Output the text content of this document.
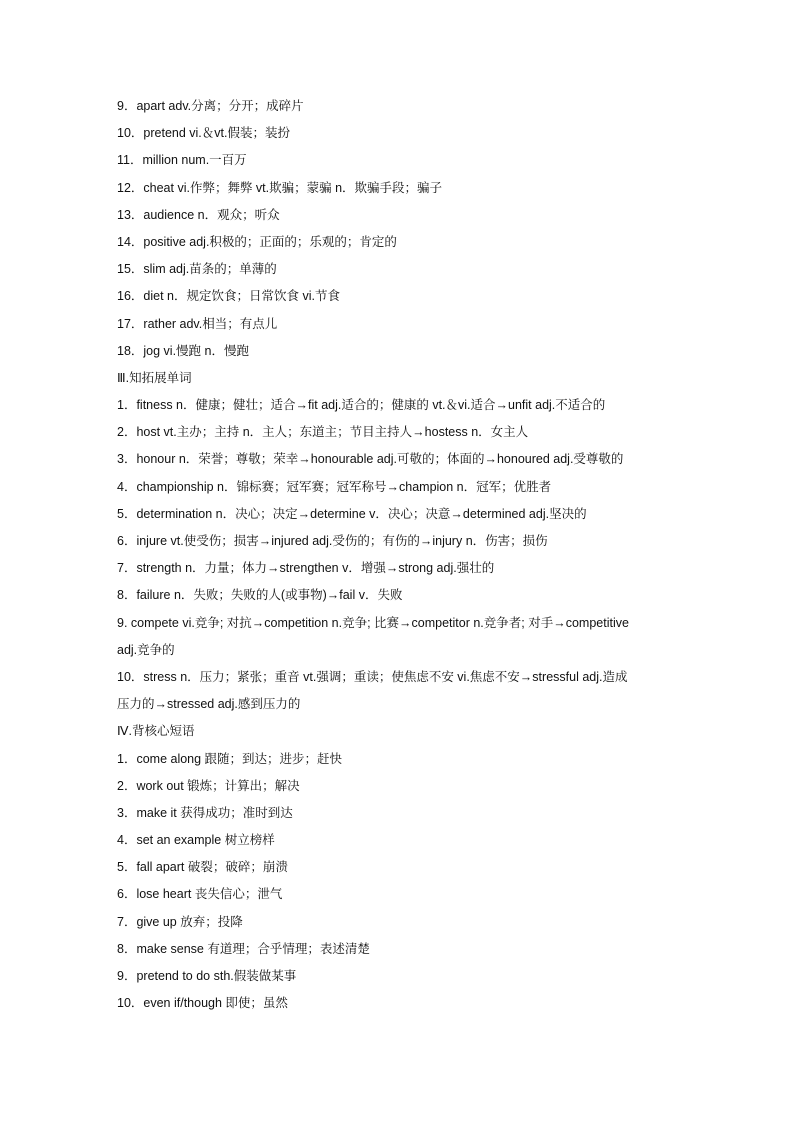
9．apart adv.分离；分开；成碎片
10．pretend vi.＆vt.假装；装扮
11．million num.一百万
12．cheat vi.作弊；舞弊 vt.欺骗；蒙骗 n．欺骗手段；骗子
13．audience n．观众；听众
14．positive adj.积极的；正面的；乐观的；肯定的
15．slim adj.苗条的；单薄的
16．diet n．规定饮食；日常饮食 vi.节食
17．rather adv.相当；有点儿
18．jog vi.慢跑 n．慢跑
Ⅲ.知拓展单词
1．fitness n．健康；健壮；适合→fit adj.适合的；健康的 vt.＆vi.适合→unfit adj.不适合的
2．host vt.主办；主持 n．主人；东道主；节目主持人→hostess n．女主人
3．honour n．荣誉；尊敬；荣幸→honourable adj.可敬的；体面的→honoured adj.受尊敬的
4．championship n．锦标赛；冠军赛；冠军称号→champion n．冠军；优胜者
5．determination n．决心；决定→determine v．决心；决意→determined adj.坚决的
6．injure vt.使受伤；损害→injured adj.受伤的；有伤的→injury n．伤害；损伤
7．strength n．力量；体力→strengthen v．增强→strong adj.强壮的
8．failure n．失败；失败的人(或事物)→fail v．失败
9. compete vi.竞争; 对抗→competition n.竞争; 比赛→competitor n.竞争者; 对手→competitive
adj.竞争的
10．stress n．压力；紧张；重音 vt.强调；重读；使焦虑不安 vi.焦虑不安→stressful adj.造成
压力的→stressed adj.感到压力的
Ⅳ.背核心短语
1．come along 跟随；到达；进步；赶快
2．work out 锻炼；计算出；解决
3．make it 获得成功；准时到达
4．set an example 树立榜样
5．fall apart 破裂；破碎；崩溃
6．lose heart 丧失信心；泄气
7．give up 放弃；投降
8．make sense 有道理；合乎情理；表述清楚
9．pretend to do sth.假装做某事
10．even if/though 即使；虽然
